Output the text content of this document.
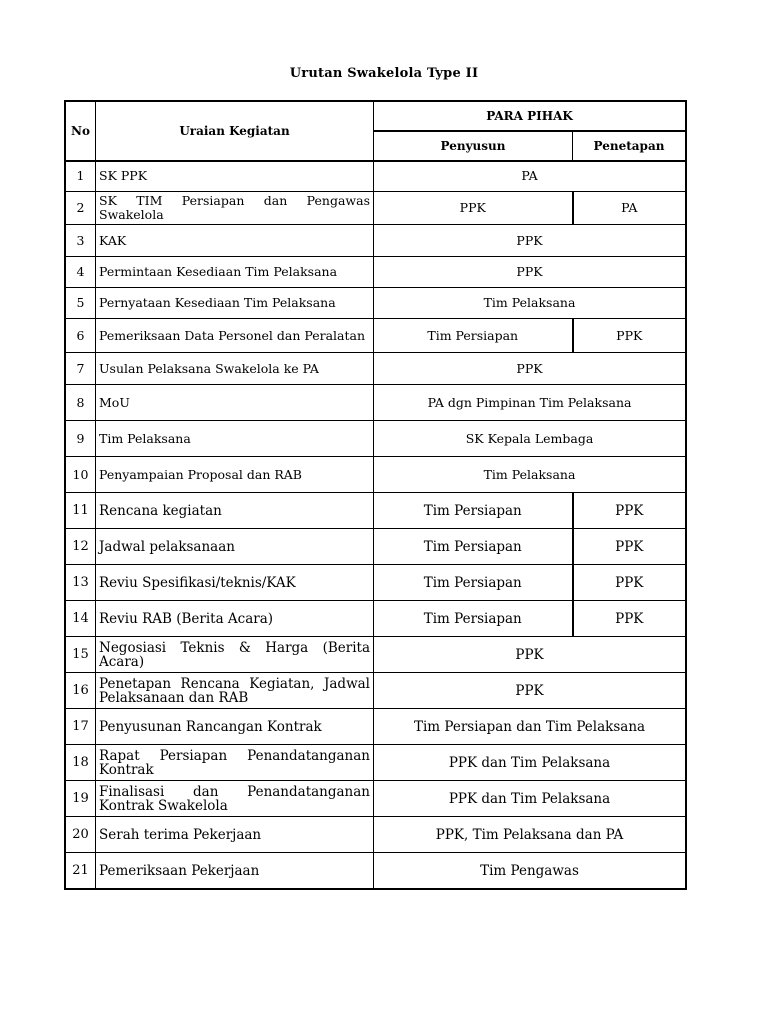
Urutan Swakelola Type II
No	Uraian Kegiatan	PARA PIHAK	
		Penyusun	Penetapan
1	SK PPK	PA	
2	SK TIM Persiapan dan Pengawas Swakelola	PPK	PA
3	KAK	PPK	
4	Permintaan Kesediaan Tim Pelaksana	PPK	
5	Pernyataan Kesediaan Tim Pelaksana	Tim Pelaksana	
6	Pemeriksaan Data Personel dan Peralatan	Tim Persiapan	PPK
7	Usulan Pelaksana Swakelola ke PA	PPK	
8	MoU	PA dgn Pimpinan Tim Pelaksana	
9	Tim Pelaksana	SK Kepala Lembaga	
10	Penyampaian Proposal dan RAB	Tim Pelaksana	
11	Rencana kegiatan	Tim Persiapan	PPK
12	Jadwal pelaksanaan	Tim Persiapan	PPK
13	Reviu Spesifikasi/teknis/KAK	Tim Persiapan	PPK
14	Reviu RAB (Berita Acara)	Tim Persiapan	PPK
15	Negosiasi Teknis & Harga (Berita Acara)	PPK	
16	Penetapan Rencana Kegiatan, Jadwal Pelaksanaan dan RAB	PPK	
17	Penyusunan Rancangan Kontrak	Tim Persiapan dan Tim Pelaksana	
18	Rapat Persiapan Penandatanganan Kontrak	PPK dan Tim Pelaksana	
19	Finalisasi dan Penandatanganan Kontrak Swakelola	PPK dan Tim Pelaksana	
20	Serah terima Pekerjaan	PPK, Tim Pelaksana dan PA	
21	Pemeriksaan Pekerjaan	Tim Pengawas	
